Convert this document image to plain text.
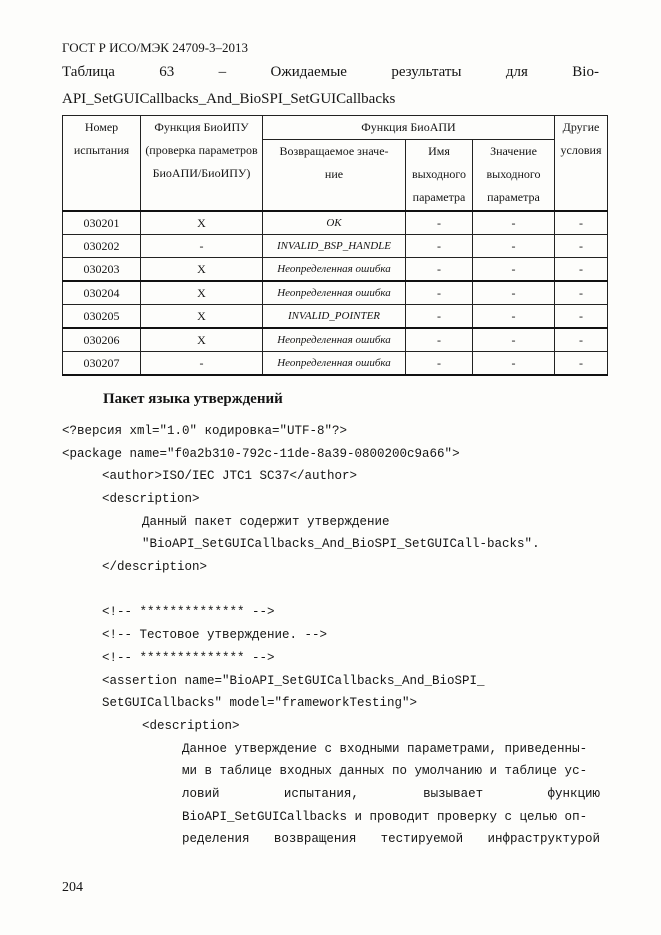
ГОСТ Р ИСО/МЭК 24709-3–2013
Таблица	63	–	Ожидаемые	результаты	для	Bio-
API_SetGUICallbacks_And_BioSPI_SetGUICallbacks
Номер испытания	Функция БиоИПУ (проверка параметров БиоАПИ/БиоИПУ)	Функция БиоАПИ			Другие условия
		Возвращаемое значе-ние	Имя выходного параметра	Значение выходного параметра	
030201	X	OK	-	-	-
030202	-	INVALID_BSP_HANDLE	-	-	-
030203	X	Неопределенная ошибка	-	-	-
030204	X	Неопределенная ошибка	-	-	-
030205	X	INVALID_POINTER	-	-	-
030206	X	Неопределенная ошибка	-	-	-
030207	-	Неопределенная ошибка	-	-	-
Пакет языка утверждений
<?версия xml="1.0" кодировка="UTF-8"?>
<package name="f0a2b310-792c-11de-8a39-0800200c9a66">
<author>ISO/IEC JTC1 SC37</author>
<description>
Данный пакет содержит утверждение
"BioAPI_SetGUICallbacks_And_BioSPI_SetGUICall-backs".
</description>
<!-- ************** -->
<!-- Тестовое утверждение. -->
<!-- ************** -->
<assertion name="BioAPI_SetGUICallbacks_And_BioSPI_
SetGUICallbacks" model="frameworkTesting">
<description>
Данное утверждение с входными параметрами, приведенны-
ми в таблице входных данных по умолчанию и таблице ус-
ловий	испытания,	вызывает	функцию
BioAPI_SetGUICallbacks и проводит проверку с целью оп-
ределения возвращения тестируемой инфраструктурой
204
